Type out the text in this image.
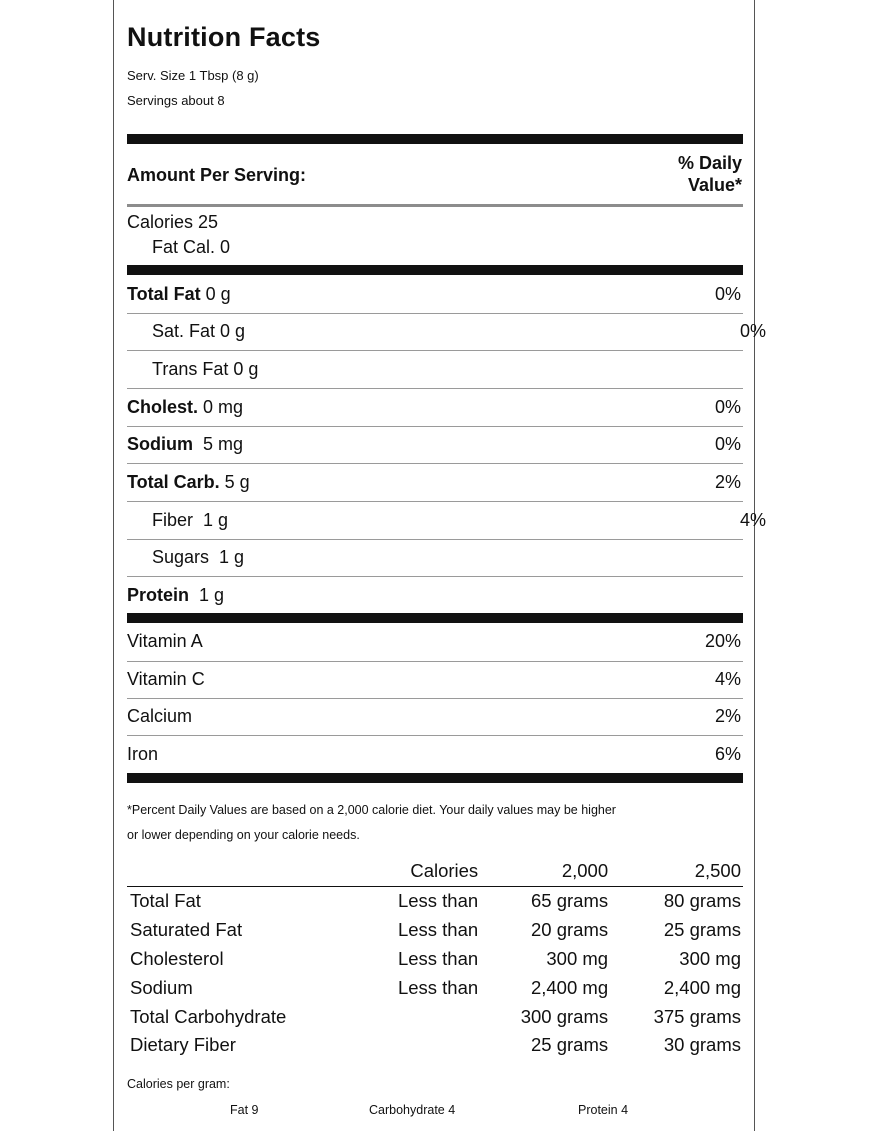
Nutrition Facts
Serv. Size 1 Tbsp (8 g)
Servings about 8
Amount Per Serving:
% Daily
Value*
Calories 25
Fat Cal. 0
Total Fat 0 g	0%
Sat. Fat 0 g	0%
Trans Fat 0 g
Cholest. 0 mg	0%
Sodium  5 mg	0%
Total Carb. 5 g	2%
Fiber  1 g	4%
Sugars  1 g
Protein  1 g
Vitamin A	20%
Vitamin C	4%
Calcium	2%
Iron	6%
*Percent Daily Values are based on a 2,000 calorie diet. Your daily values may be higher
or lower depending on your calorie needs.
	Calories	2,000	2,500
Total Fat	Less than	65 grams	80 grams
Saturated Fat	Less than	20 grams	25 grams
Cholesterol	Less than	300 mg	300 mg
Sodium	Less than	2,400 mg	2,400 mg
Total Carbohydrate		300 grams	375 grams
Dietary Fiber		25 grams	30 grams
Calories per gram:
Fat 9	Carbohydrate 4	Protein 4
